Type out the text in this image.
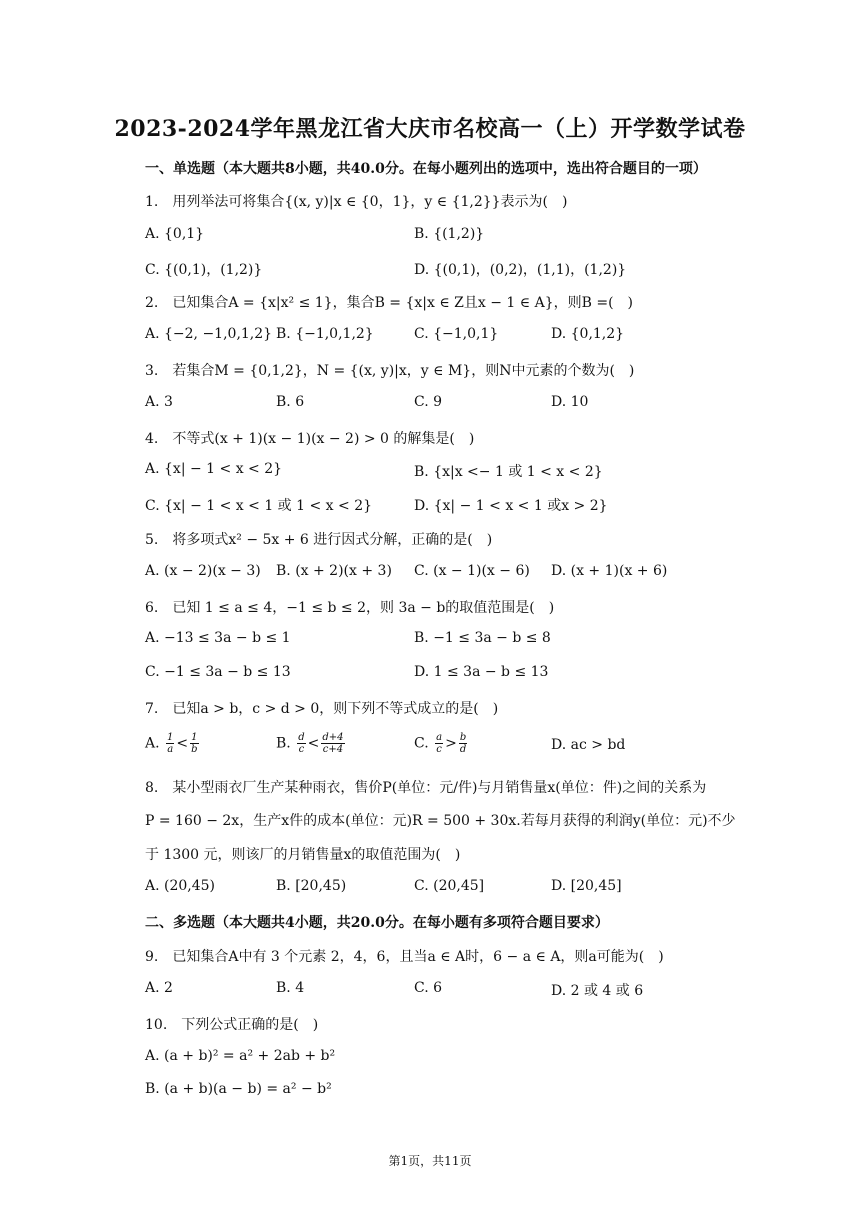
2023-2024学年黑龙江省大庆市名校高一（上）开学数学试卷
一、单选题（本大题共8小题，共40.0分。在每小题列出的选项中，选出符合题目的一项）
1.　用列举法可将集合{(x, y)|x ∈ {0，1}，y ∈ {1,2}}表示为(　)
A. {0,1}	B. {(1,2)}
C. {(0,1)，(1,2)}	D. {(0,1)，(0,2)，(1,1)，(1,2)}
2.　已知集合A = {x|x² ≤ 1}，集合B = {x|x ∈ Z且x − 1 ∈ A}，则B =(　)
A. {−2, −1,0,1,2} B. {−1,0,1,2}	C. {−1,0,1}	D. {0,1,2}
3.　若集合M = {0,1,2}，N = {(x, y)|x，y ∈ M}，则N中元素的个数为(　)
A. 3	B. 6	C. 9	D. 10
4.　不等式(x + 1)(x − 1)(x − 2) > 0 的解集是(　)
A. {x| − 1 < x < 2}	B. {x|x <− 1 或 1 < x < 2}
C. {x| − 1 < x < 1 或 1 < x < 2}	D. {x| − 1 < x < 1 或x > 2}
5.　将多项式x² − 5x + 6 进行因式分解，正确的是(　)
A. (x − 2)(x − 3) B. (x + 2)(x + 3) C. (x − 1)(x − 6) D. (x + 1)(x + 6)
6.　已知 1 ≤ a ≤ 4，−1 ≤ b ≤ 2，则 3a − b的取值范围是(　)
A. −13 ≤ 3a − b ≤ 1	B. −1 ≤ 3a − b ≤ 8
C. −1 ≤ 3a − b ≤ 13	D. 1 ≤ 3a − b ≤ 13
7.　已知a > b，c > d > 0，则下列不等式成立的是(　)
A. $\frac{1}{a} < \frac{1}{b}$	B. $\frac{d}{c} < \frac{d+4}{c+4}$	C. $\frac{a}{c} > \frac{b}{d}$	D. ac > bd
8.　某小型雨衣厂生产某种雨衣，售价P(单位：元/件)与月销售量x(单位：件)之间的关系为
P = 160 − 2x，生产x件的成本(单位：元)R = 500 + 30x.若每月获得的利润y(单位：元)不少
于 1300 元，则该厂的月销售量x的取值范围为(　)
A. (20,45)	B. [20,45)	C. (20,45]	D. [20,45]
二、多选题（本大题共4小题，共20.0分。在每小题有多项符合题目要求）
9.　已知集合A中有 3 个元素 2，4，6，且当a ∈ A时，6 − a ∈ A，则a可能为(　)
A. 2	B. 4	C. 6	D. 2 或 4 或 6
10.　下列公式正确的是(　)
A. (a + b)² = a² + 2ab + b²
B. (a + b)(a − b) = a² − b²
第1页，共11页
